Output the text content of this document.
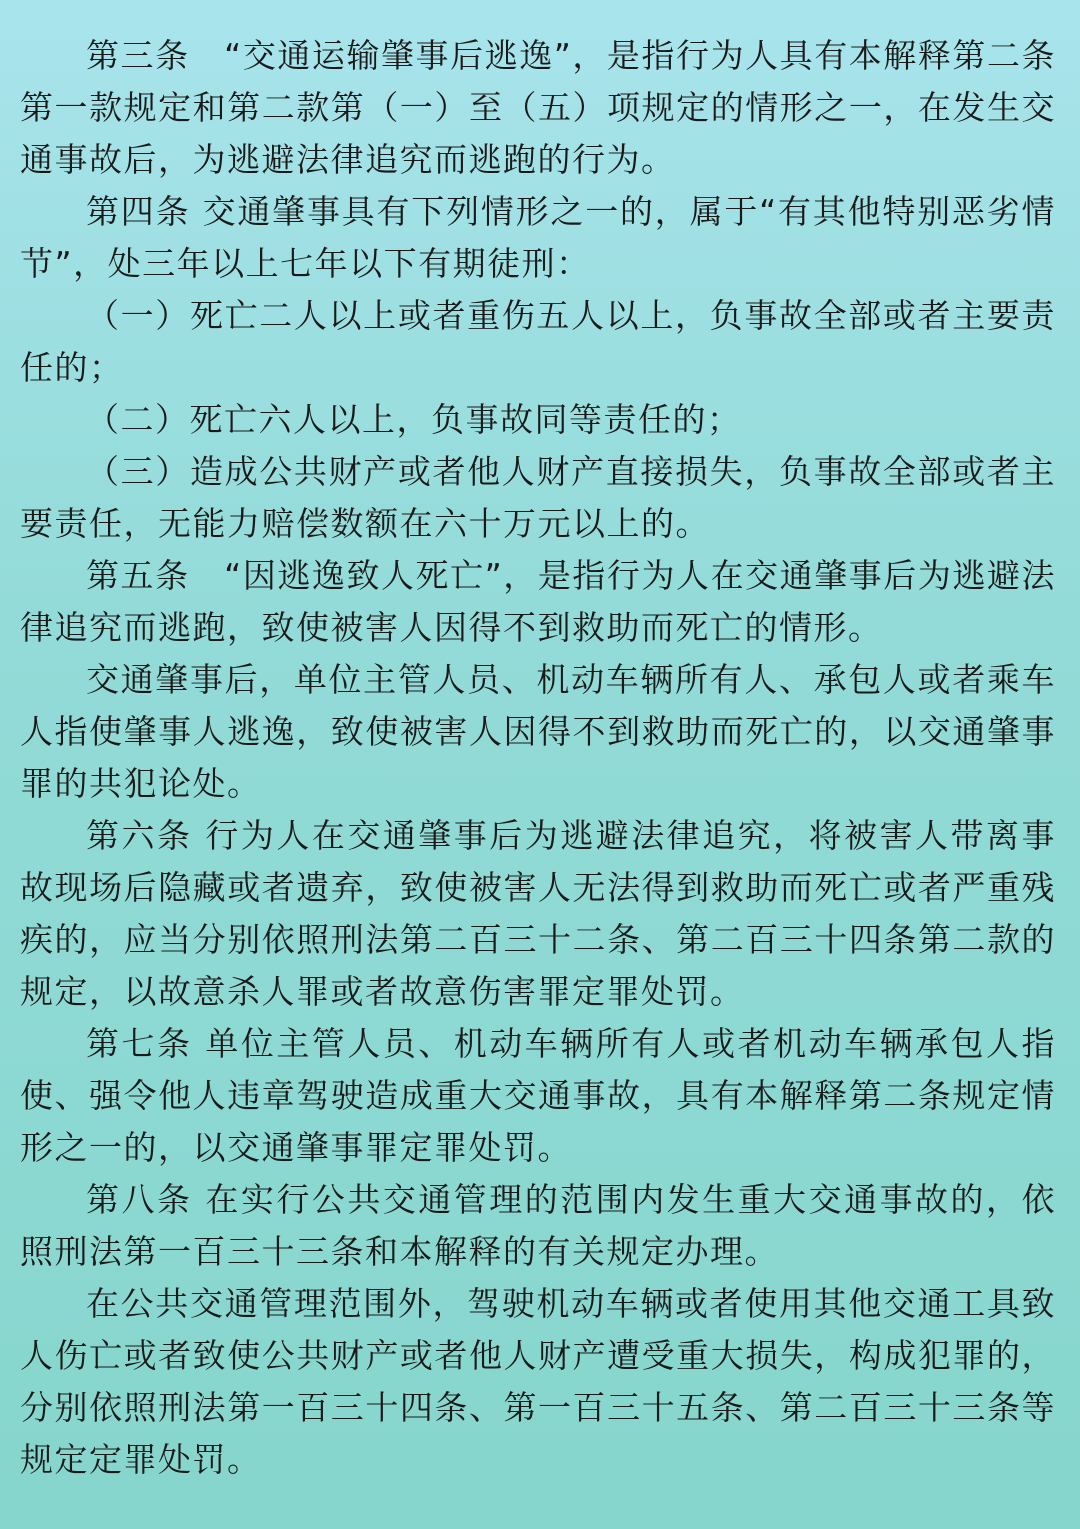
第三条　“交通运输肇事后逃逸”，是指行为人具有本解释第二条第一款规定和第二款第（一）至（五）项规定的情形之一，在发生交通事故后，为逃避法律追究而逃跑的行为。

第四条 交通肇事具有下列情形之一的，属于“有其他特别恶劣情节”，处三年以上七年以下有期徒刑：

（一）死亡二人以上或者重伤五人以上，负事故全部或者主要责任的；

（二）死亡六人以上，负事故同等责任的；

（三）造成公共财产或者他人财产直接损失，负事故全部或者主要责任，无能力赔偿数额在六十万元以上的。

第五条　“因逃逸致人死亡”，是指行为人在交通肇事后为逃避法律追究而逃跑，致使被害人因得不到救助而死亡的情形。

交通肇事后，单位主管人员、机动车辆所有人、承包人或者乘车人指使肇事人逃逸，致使被害人因得不到救助而死亡的，以交通肇事罪的共犯论处。

第六条 行为人在交通肇事后为逃避法律追究，将被害人带离事故现场后隐藏或者遗弃，致使被害人无法得到救助而死亡或者严重残疾的，应当分别依照刑法第二百三十二条、第二百三十四条第二款的规定，以故意杀人罪或者故意伤害罪定罪处罚。

第七条 单位主管人员、机动车辆所有人或者机动车辆承包人指使、强令他人违章驾驶造成重大交通事故，具有本解释第二条规定情形之一的，以交通肇事罪定罪处罚。

第八条 在实行公共交通管理的范围内发生重大交通事故的，依照刑法第一百三十三条和本解释的有关规定办理。

在公共交通管理范围外，驾驶机动车辆或者使用其他交通工具致人伤亡或者致使公共财产或者他人财产遭受重大损失，构成犯罪的，分别依照刑法第一百三十四条、第一百三十五条、第二百三十三条等规定定罪处罚。
